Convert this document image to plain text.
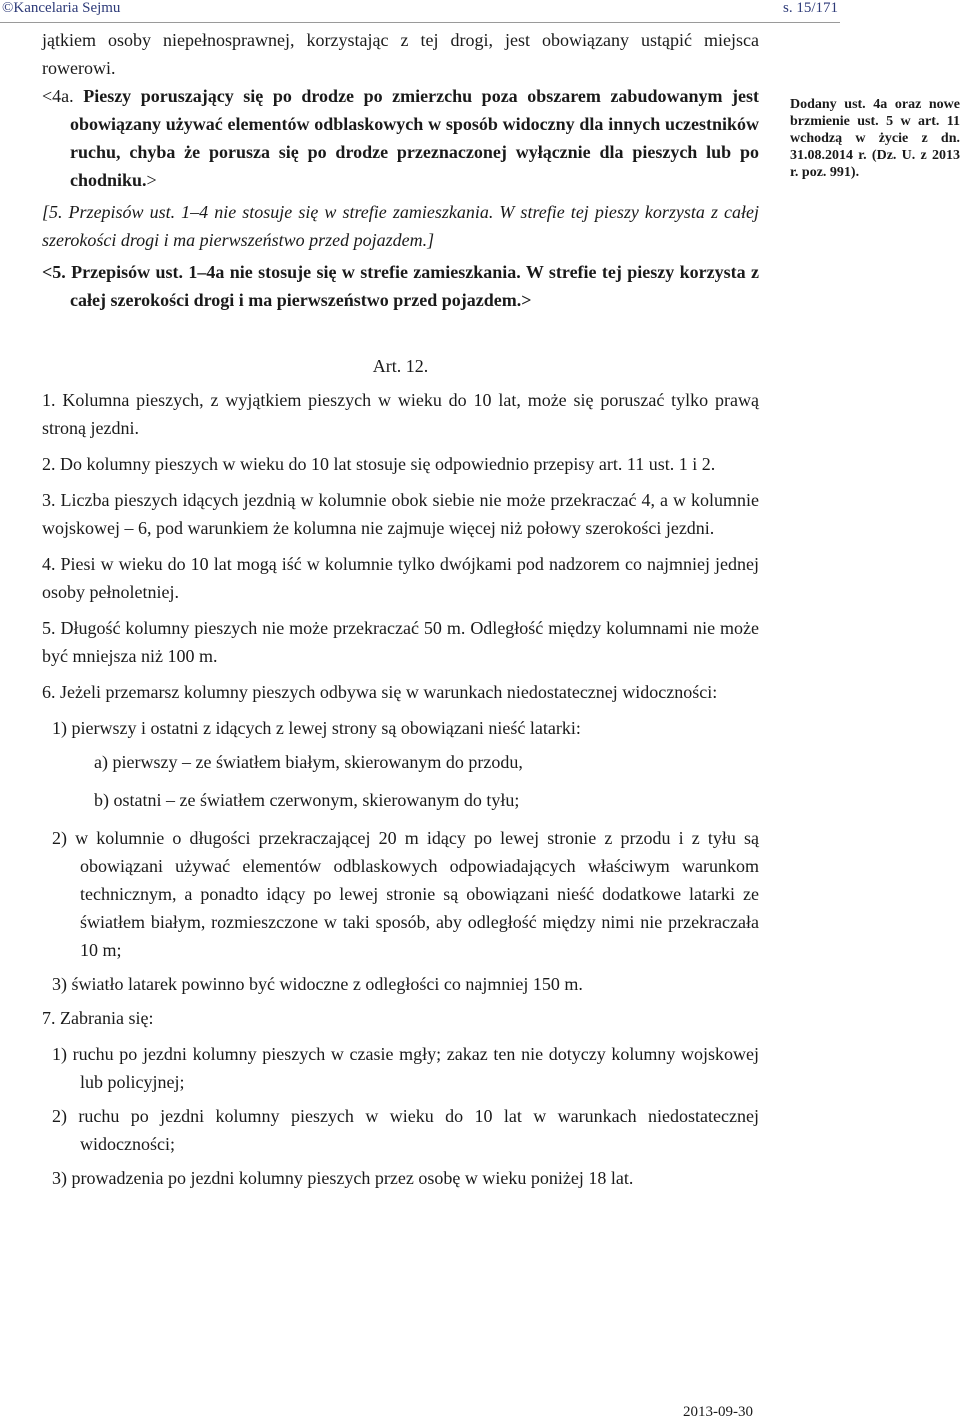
©Kancelaria Sejmu	s. 15/171

jątkiem osoby niepełnosprawnej, korzystając z tej drogi, jest obowiązany ustąpić miejsca rowerowi.

<4a. Pieszy poruszający się po drodze po zmierzchu poza obszarem zabudowanym jest obowiązany używać elementów odblaskowych w sposób widoczny dla innych uczestników ruchu, chyba że porusza się po drodze przeznaczonej wyłącznie dla pieszych lub po chodniku.>

[5. Przepisów ust. 1–4 nie stosuje się w strefie zamieszkania. W strefie tej pieszy korzysta z całej szerokości drogi i ma pierwszeństwo przed pojazdem.]

<5. Przepisów ust. 1–4a nie stosuje się w strefie zamieszkania. W strefie tej pieszy korzysta z całej szerokości drogi i ma pierwszeństwo przed pojazdem.>

Art. 12.

1. Kolumna pieszych, z wyjątkiem pieszych w wieku do 10 lat, może się poruszać tylko prawą stroną jezdni.

2. Do kolumny pieszych w wieku do 10 lat stosuje się odpowiednio przepisy art. 11 ust. 1 i 2.

3. Liczba pieszych idących jezdnią w kolumnie obok siebie nie może przekraczać 4, a w kolumnie wojskowej – 6, pod warunkiem że kolumna nie zajmuje więcej niż połowy szerokości jezdni.

4. Piesi w wieku do 10 lat mogą iść w kolumnie tylko dwójkami pod nadzorem co najmniej jednej osoby pełnoletniej.

5. Długość kolumny pieszych nie może przekraczać 50 m. Odległość między kolumnami nie może być mniejsza niż 100 m.

6. Jeżeli przemarsz kolumny pieszych odbywa się w warunkach niedostatecznej widoczności:

1) pierwszy i ostatni z idących z lewej strony są obowiązani nieść latarki:

a) pierwszy – ze światłem białym, skierowanym do przodu,

b) ostatni – ze światłem czerwonym, skierowanym do tyłu;

2) w kolumnie o długości przekraczającej 20 m idący po lewej stronie z przodu i z tyłu są obowiązani używać elementów odblaskowych odpowiadających właściwym warunkom technicznym, a ponadto idący po lewej stronie są obowiązani nieść dodatkowe latarki ze światłem białym, rozmieszczone w taki sposób, aby odległość między nimi nie przekraczała 10 m;

3) światło latarek powinno być widoczne z odległości co najmniej 150 m.

7. Zabrania się:

1) ruchu po jezdni kolumny pieszych w czasie mgły; zakaz ten nie dotyczy kolumny wojskowej lub policyjnej;

2) ruchu po jezdni kolumny pieszych w wieku do 10 lat w warunkach niedostatecznej widoczności;

3) prowadzenia po jezdni kolumny pieszych przez osobę w wieku poniżej 18 lat.

Dodany ust. 4a oraz nowe brzmienie ust. 5 w art. 11 wchodzą w życie z dn. 31.08.2014 r. (Dz. U. z 2013 r. poz. 991).
2013-09-30
